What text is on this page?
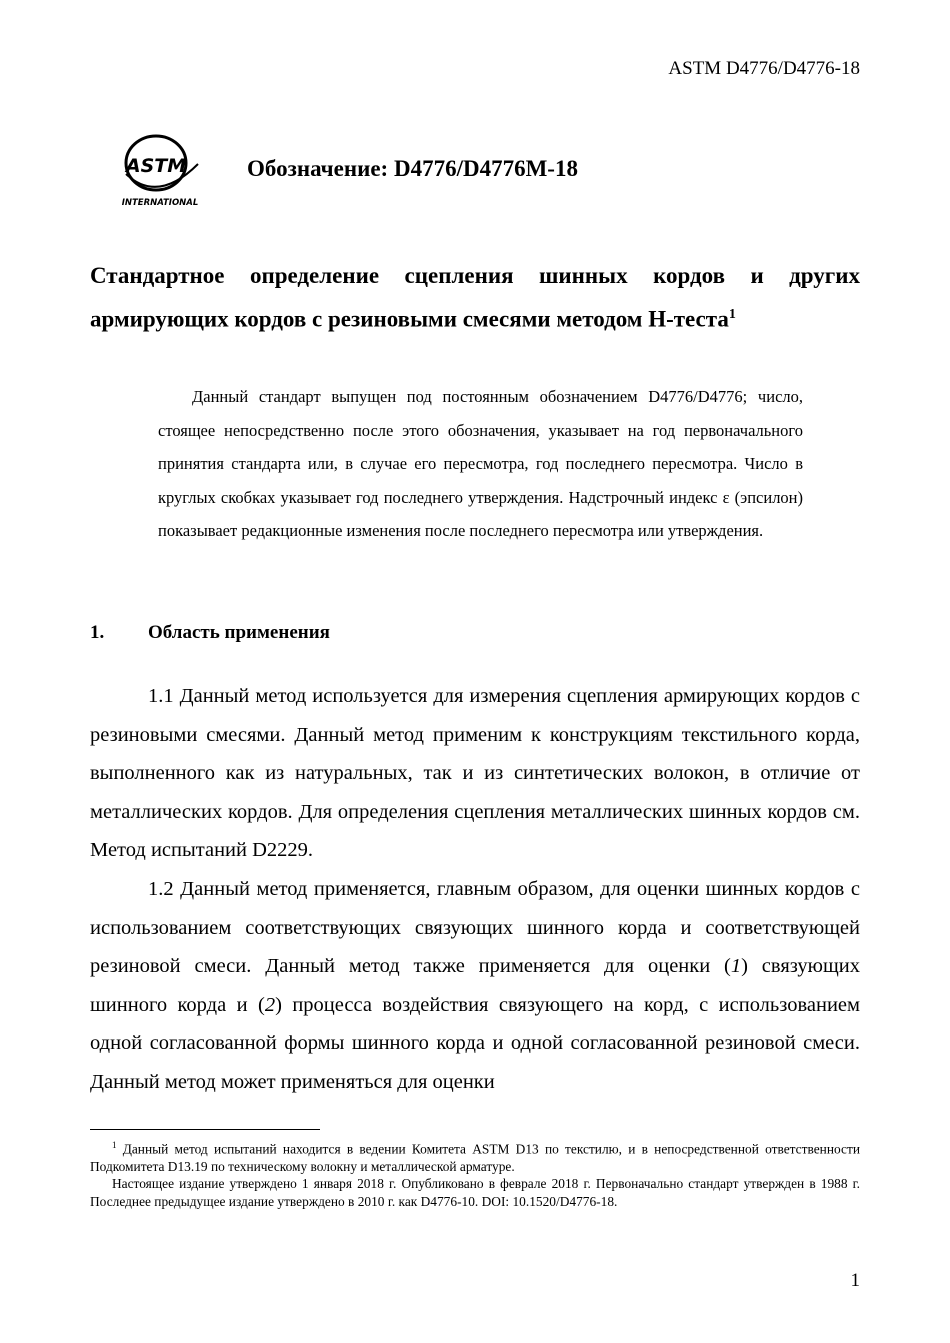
ASTM D4776/D4776-18
ASTM
INTERNATIONAL
Обозначение: D4776/D4776M-18
Стандартное определение сцепления шинных кордов и других армирующих кордов с резиновыми смесями методом H-теста$^1$
Данный стандарт выпущен под постоянным обозначением D4776/D4776; число, стоящее непосредственно после этого обозначения, указывает на год первоначального принятия стандарта или, в случае его пересмотра, год последнего пересмотра. Число в круглых скобках указывает год последнего утверждения. Надстрочный индекс ε (эпсилон) показывает редакционные изменения после последнего пересмотра или утверждения.
1. Область применения

1.1 Данный метод используется для измерения сцепления армирующих кордов с резиновыми смесями. Данный метод применим к конструкциям текстильного корда, выполненного как из натуральных, так и из синтетических волокон, в отличие от металлических кордов. Для определения сцепления металлических шинных кордов см. Метод испытаний D2229.

1.2 Данный метод применяется, главным образом, для оценки шинных кордов с использованием соответствующих связующих шинного корда и соответствующей резиновой смеси. Данный метод также применяется для оценки (1) связующих шинного корда и (2) процесса воздействия связующего на корд, с использованием одной согласованной формы шинного корда и одной согласованной резиновой смеси. Данный метод может применяться для оценки

$^1$ Данный метод испытаний находится в ведении Комитета ASTM D13 по текстилю, и в непосредственной ответственности Подкомитета D13.19 по техническому волокну и металлической арматуре.

Настоящее издание утверждено 1 января 2018 г. Опубликовано в феврале 2018 г. Первоначально стандарт утвержден в 1988 г. Последнее предыдущее издание утверждено в 2010 г. как D4776-10. DOI: 10.1520/D4776-18.

1
